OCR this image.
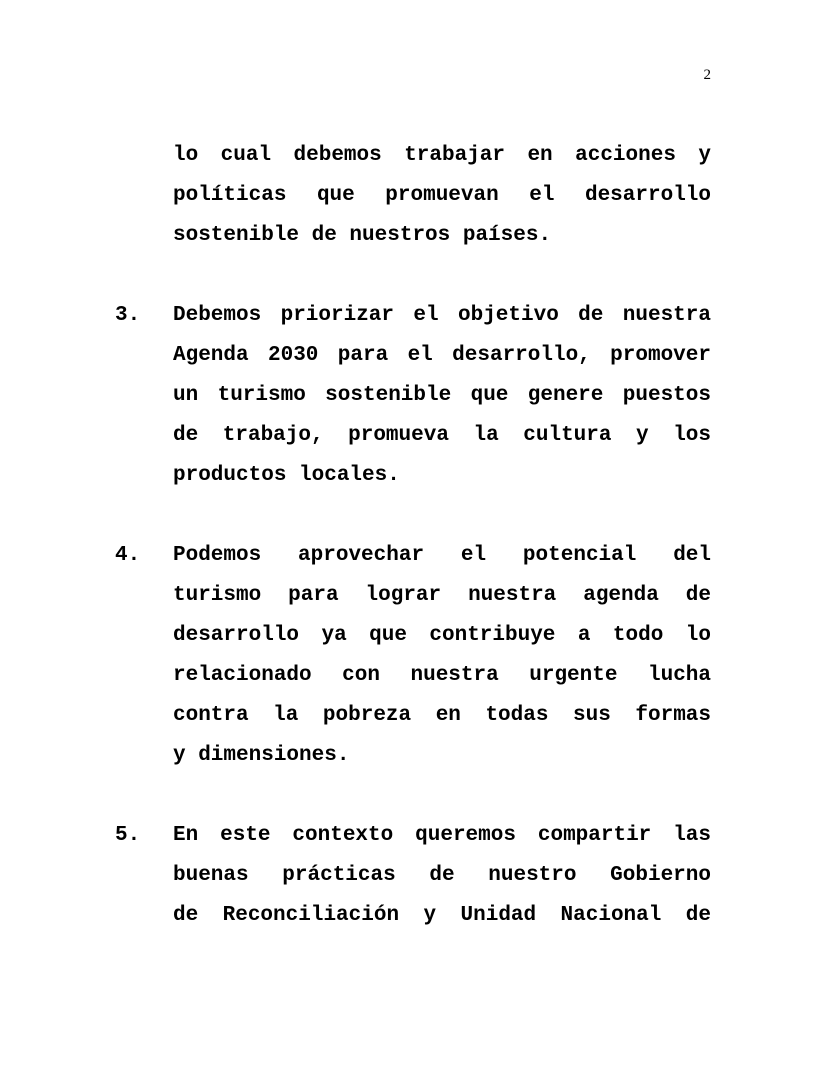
2
lo cual debemos trabajar en acciones y
políticas que promuevan el desarrollo
sostenible de nuestros países.
3. Debemos priorizar el objetivo de nuestra
Agenda 2030 para el desarrollo, promover
un turismo sostenible que genere puestos
de trabajo, promueva la cultura y los
productos locales.
4. Podemos aprovechar el potencial del
turismo para lograr nuestra agenda de
desarrollo ya que contribuye a todo lo
relacionado con nuestra urgente lucha
contra la pobreza en todas sus formas
y dimensiones.
5. En este contexto queremos compartir las
buenas prácticas de nuestro Gobierno
de Reconciliación y Unidad Nacional de
